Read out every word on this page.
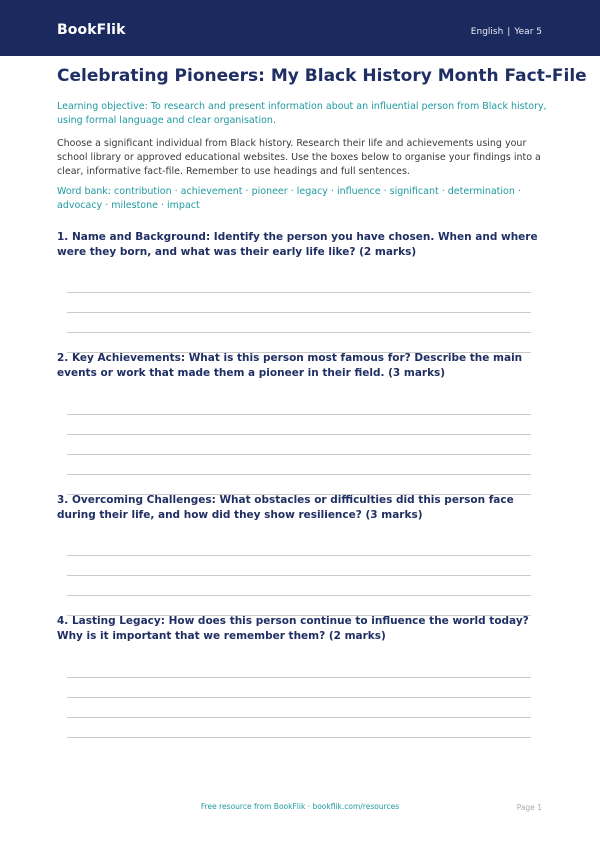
BookFlik	English | Year 5
Celebrating Pioneers: My Black History Month Fact-File

Learning objective: To research and present information about an influential person from Black history, using formal language and clear organisation.

Choose a significant individual from Black history. Research their life and achievements using your school library or approved educational websites. Use the boxes below to organise your findings into a clear, informative fact-file. Remember to use headings and full sentences.

Word bank: contribution · achievement · pioneer · legacy · influence · significant · determination · advocacy · milestone · impact

1. Name and Background: Identify the person you have chosen. When and where were they born, and what was their early life like? (2 marks)

2. Key Achievements: What is this person most famous for? Describe the main events or work that made them a pioneer in their field. (3 marks)

3. Overcoming Challenges: What obstacles or difficulties did this person face during their life, and how did they show resilience? (3 marks)

4. Lasting Legacy: How does this person continue to influence the world today? Why is it important that we remember them? (2 marks)

Free resource from BookFlik · bookflik.com/resources	Page 1
